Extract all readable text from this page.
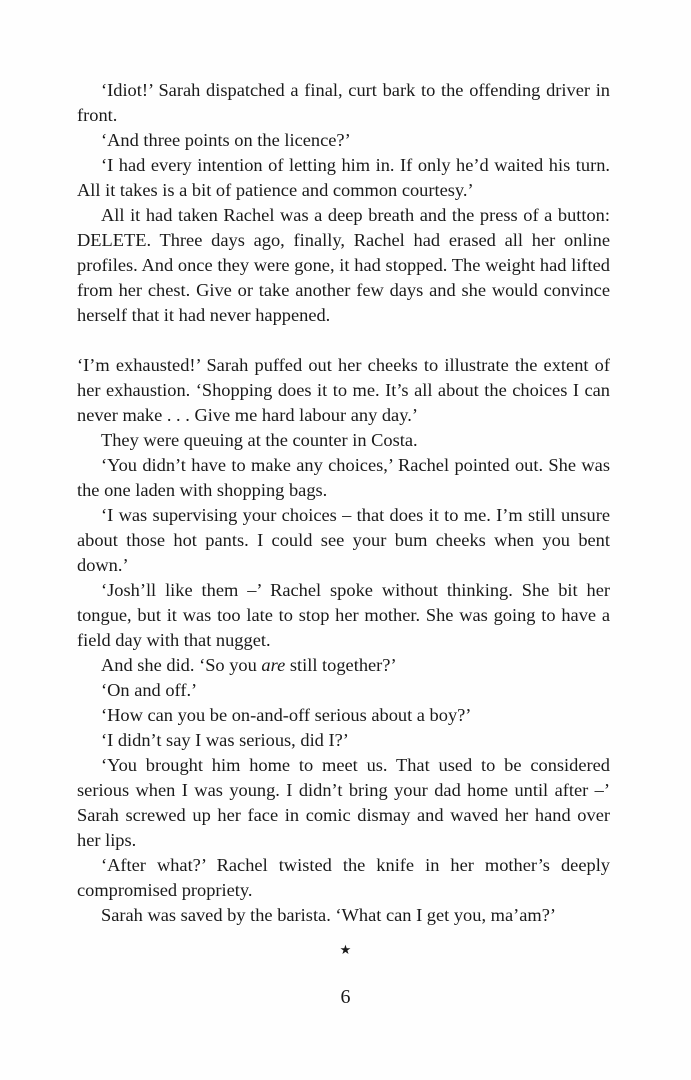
‘Idiot!’ Sarah dispatched a final, curt bark to the offending driver in front.

‘And three points on the licence?’

‘I had every intention of letting him in. If only he’d waited his turn. All it takes is a bit of patience and common courtesy.’

All it had taken Rachel was a deep breath and the press of a button: DELETE. Three days ago, finally, Rachel had erased all her online profiles. And once they were gone, it had stopped. The weight had lifted from her chest. Give or take another few days and she would convince herself that it had never happened.

‘I’m exhausted!’ Sarah puffed out her cheeks to illustrate the extent of her exhaustion. ‘Shopping does it to me. It’s all about the choices I can never make . . . Give me hard labour any day.’

They were queuing at the counter in Costa.

‘You didn’t have to make any choices,’ Rachel pointed out. She was the one laden with shopping bags.

‘I was supervising your choices – that does it to me. I’m still unsure about those hot pants. I could see your bum cheeks when you bent down.’

‘Josh’ll like them –’ Rachel spoke without thinking. She bit her tongue, but it was too late to stop her mother. She was going to have a field day with that nugget.

And she did. ‘So you are still together?’

‘On and off.’

‘How can you be on-and-off serious about a boy?’

‘I didn’t say I was serious, did I?’

‘You brought him home to meet us. That used to be considered serious when I was young. I didn’t bring your dad home until after –’ Sarah screwed up her face in comic dismay and waved her hand over her lips.

‘After what?’ Rachel twisted the knife in her mother’s deeply compromised propriety.

Sarah was saved by the barista. ‘What can I get you, ma’am?’

★
6
